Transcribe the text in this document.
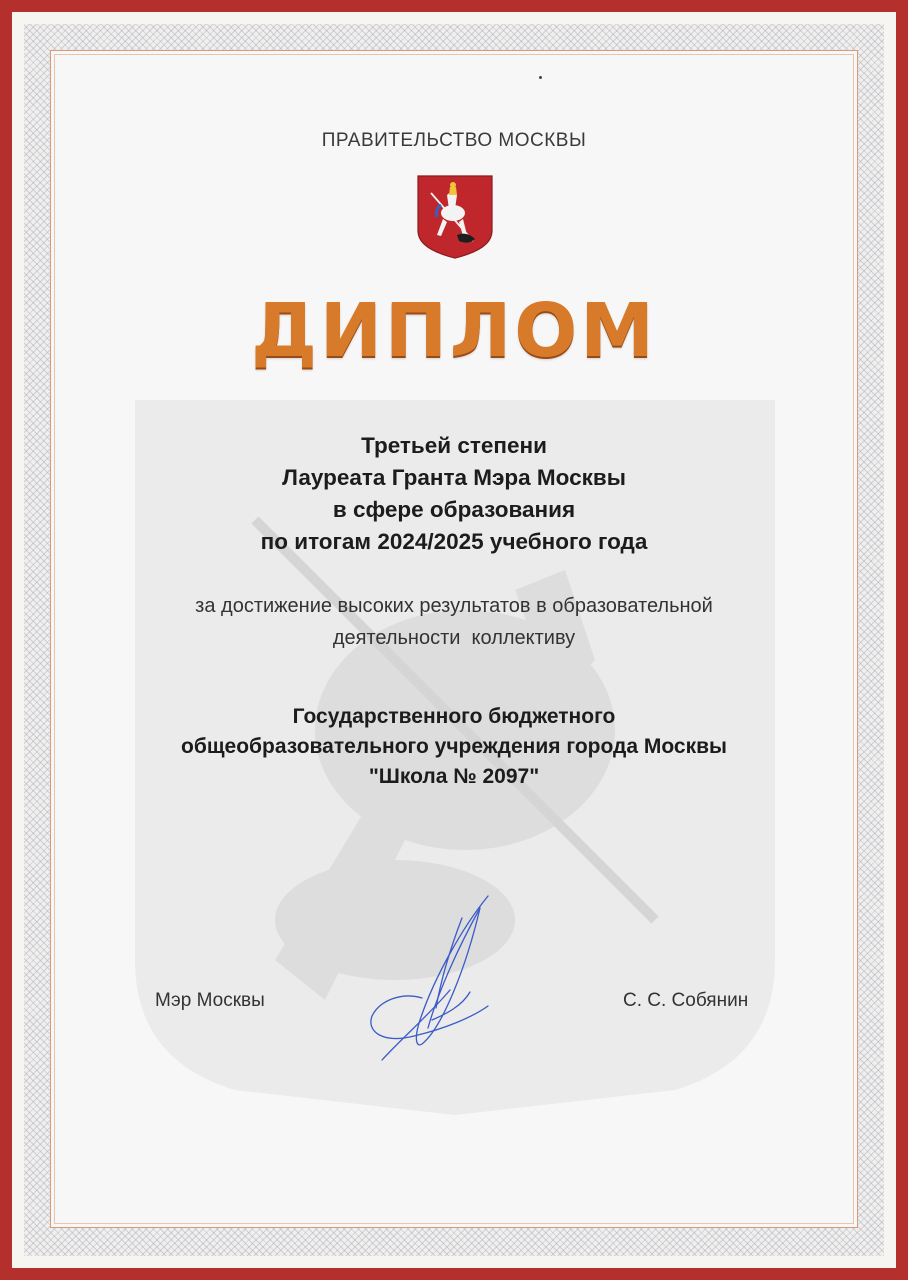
ПРАВИТЕЛЬСТВО МОСКВЫ
ДИПЛОМ
Третьей степени
Лауреата Гранта Мэра Москвы
в сфере образования
по итогам 2024/2025 учебного года
за достижение высоких результатов в образовательной
деятельности  коллективу
Государственного бюджетного
общеобразовательного учреждения города Москвы
"Школа № 2097"
Мэр Москвы	С. С. Собянин
